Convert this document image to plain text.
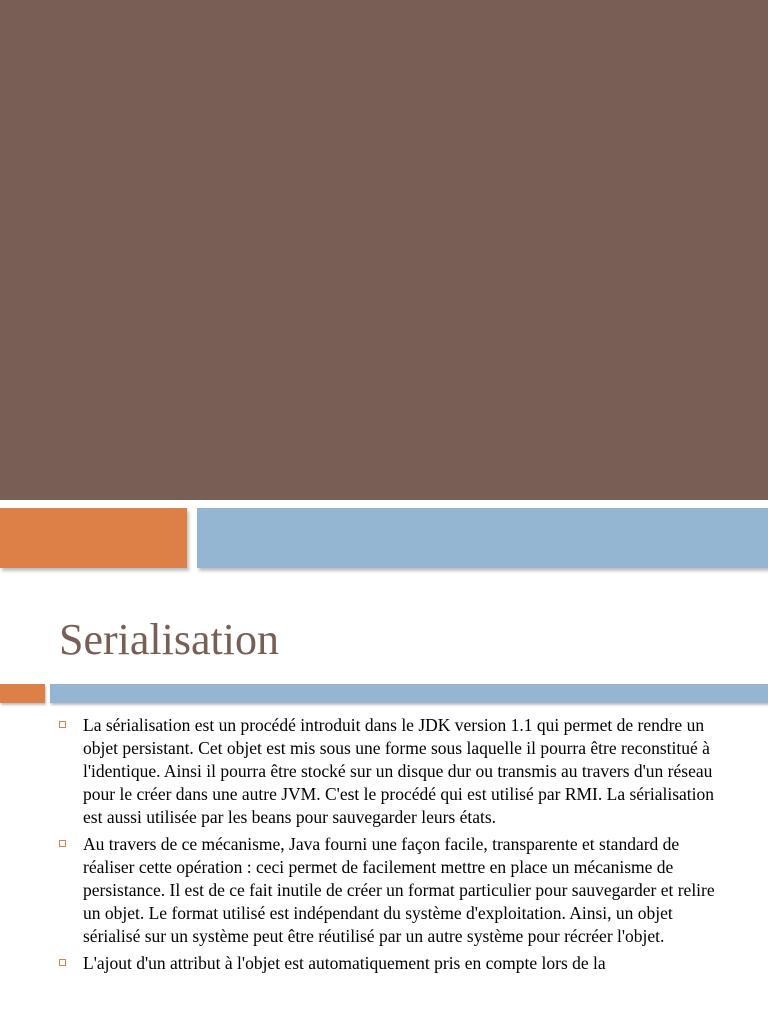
Serialisation
La sérialisation est un procédé introduit dans le JDK version 1.1 qui permet de rendre un objet persistant. Cet objet est mis sous une forme sous laquelle il pourra être reconstitué à l'identique. Ainsi il pourra être stocké sur un disque dur ou transmis au travers d'un réseau pour le créer dans une autre JVM. C'est le procédé qui est utilisé par RMI. La sérialisation est aussi utilisée par les beans pour sauvegarder leurs états.
Au travers de ce mécanisme, Java fourni une façon facile, transparente et standard de réaliser cette opération : ceci permet de facilement mettre en place un mécanisme de persistance. Il est de ce fait inutile de créer un format particulier pour sauvegarder et relire un objet. Le format utilisé est indépendant du système d'exploitation. Ainsi, un objet sérialisé sur un système peut être réutilisé par un autre système pour récréer l'objet.
L'ajout d'un attribut à l'objet est automatiquement pris en compte lors de la
